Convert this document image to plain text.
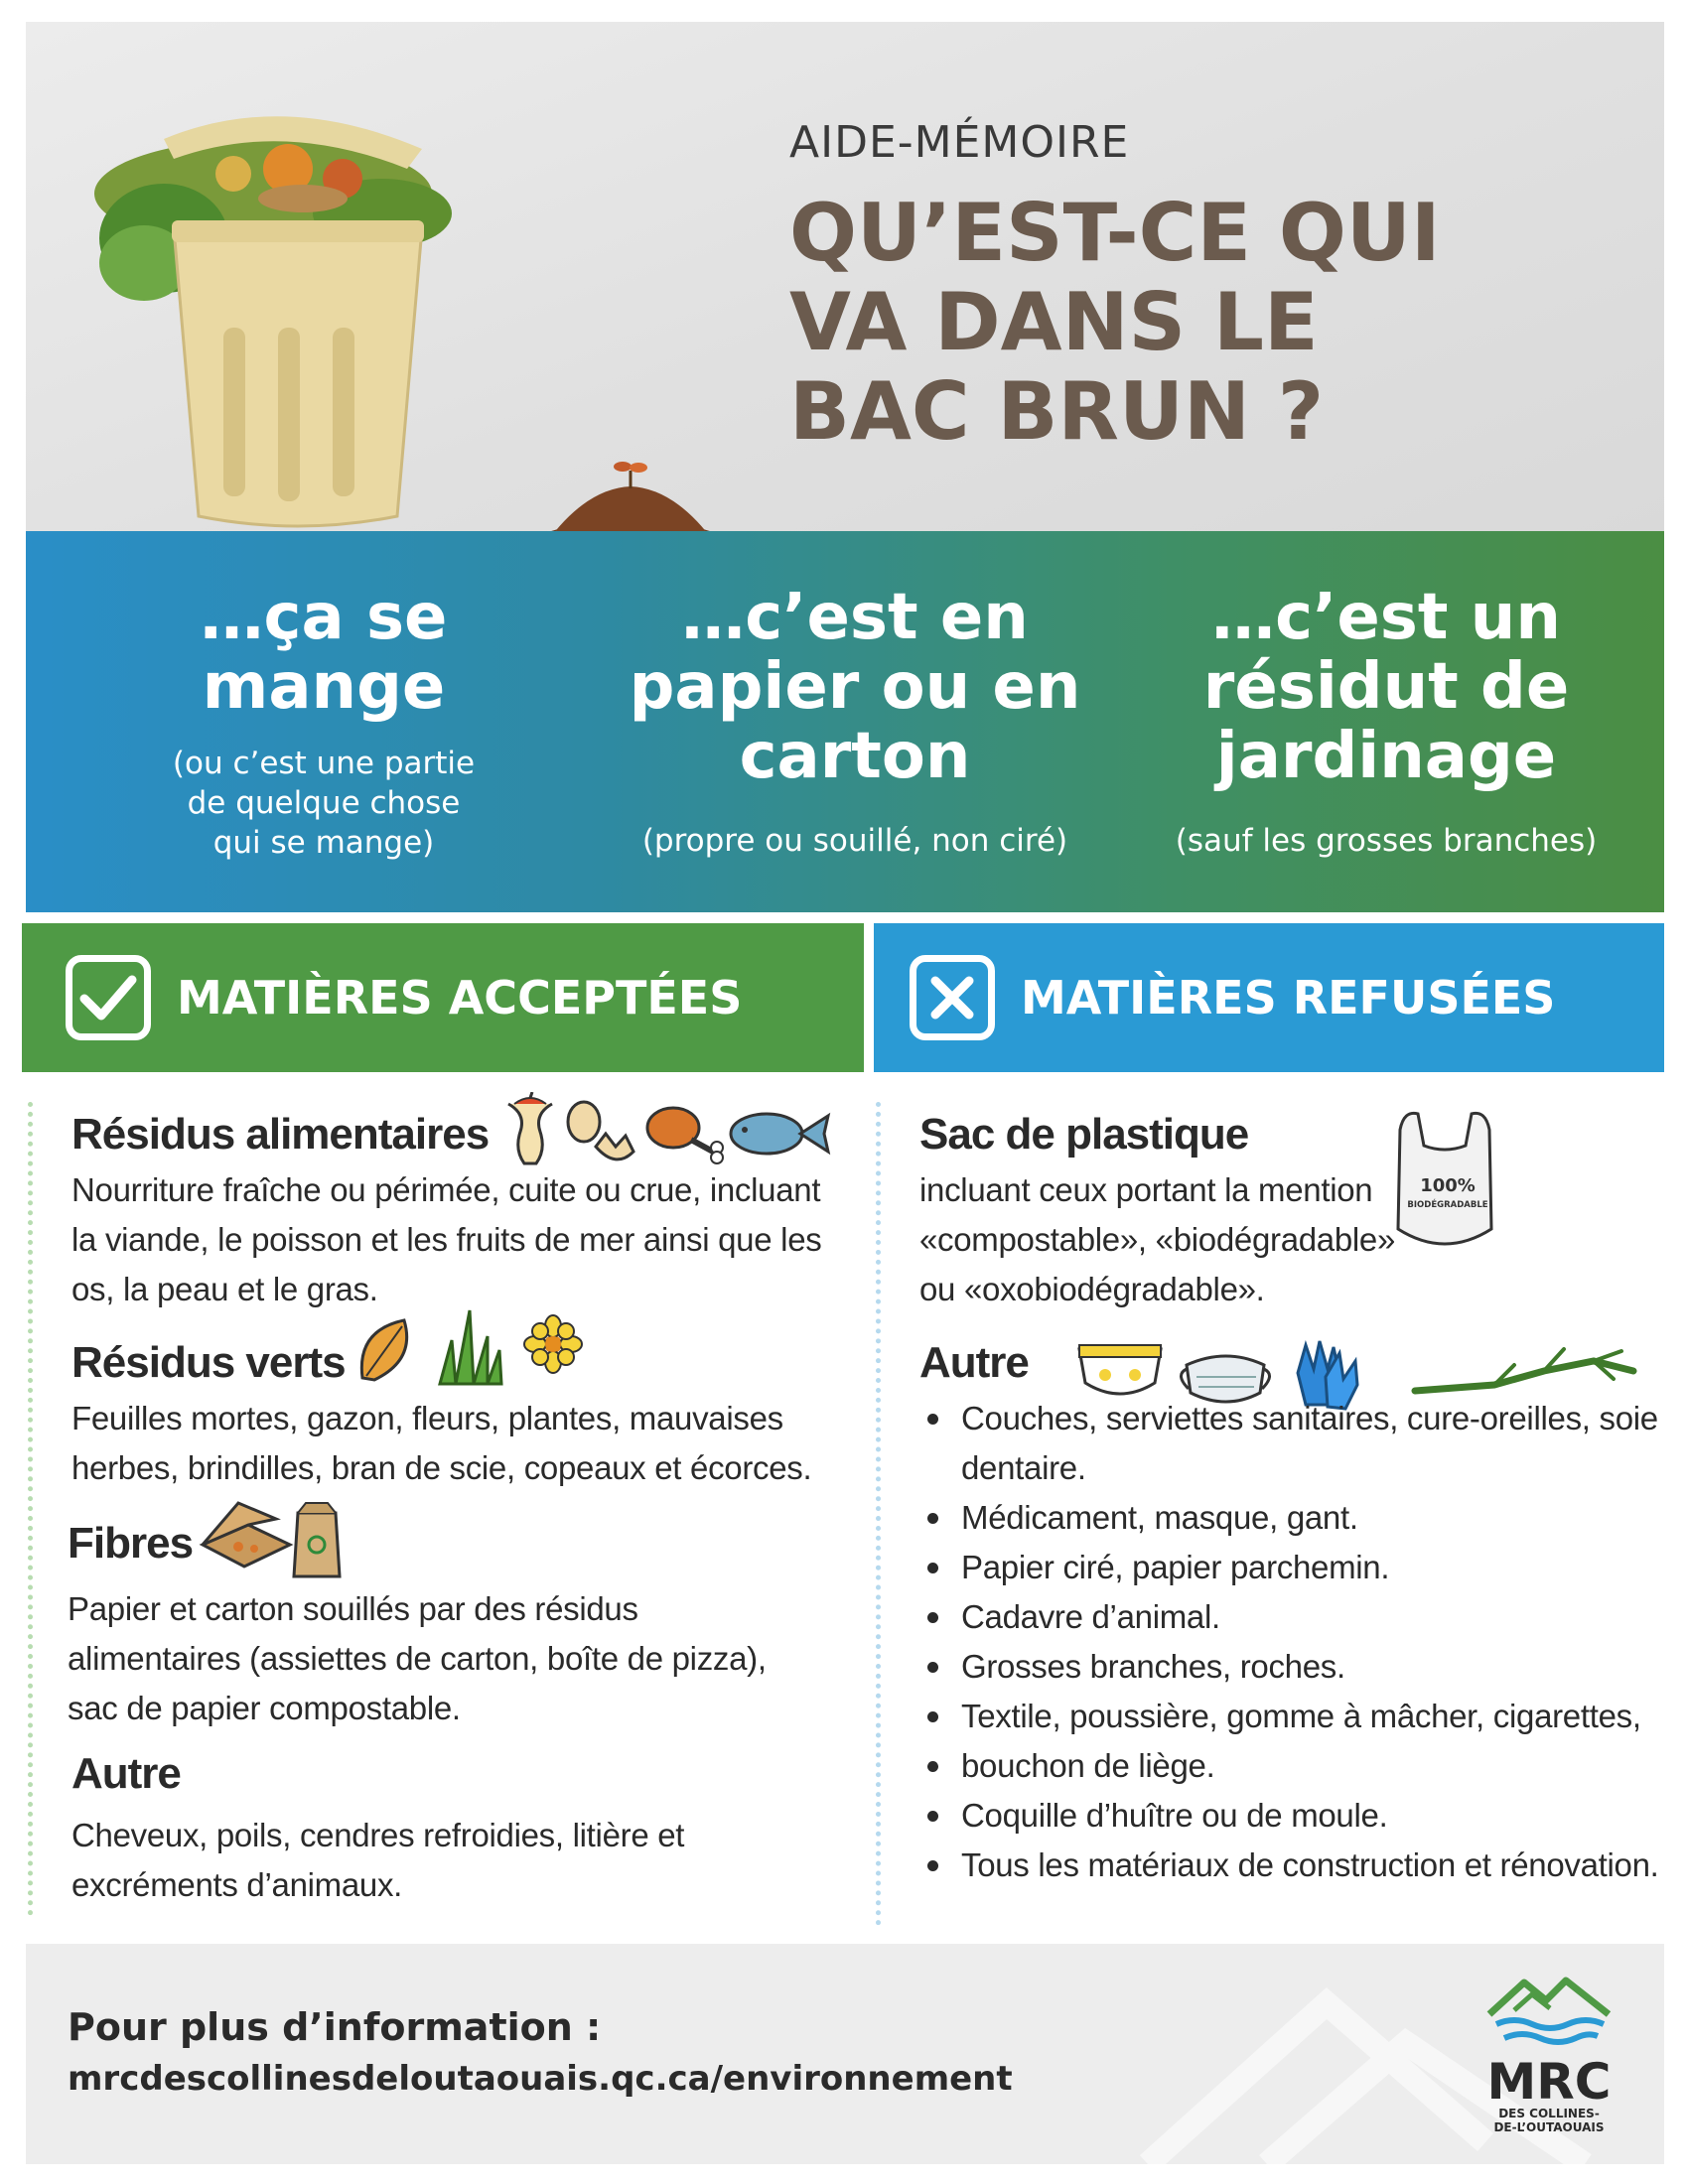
AIDE-MÉMOIRE
QU’EST-CE QUI
VA DANS LE
BAC BRUN ?
…ça se
mange
(ou c’est une partie
de quelque chose
qui se mange)
…c’est en
papier ou en
carton
(propre ou souillé, non ciré)
…c’est un
résidut de
jardinage
(sauf les grosses branches)
MATIÈRES ACCEPTÉES	MATIÈRES REFUSÉES
Résidus alimentaires
Nourriture fraîche ou périmée, cuite ou crue, incluant
la viande, le poisson et les fruits de mer ainsi que les
os, la peau et le gras.
Résidus verts
Feuilles mortes, gazon, fleurs, plantes, mauvaises
herbes, brindilles, bran de scie, copeaux et écorces.
Fibres
Papier et carton souillés par des résidus
alimentaires (assiettes de carton, boîte de pizza),
sac de papier compostable.
Autre
Cheveux, poils, cendres refroidies, litière et
excréments d’animaux.
Sac de plastique
100%
BIODÉGRADABLE
incluant ceux portant la mention
«compostable», «biodégradable»
ou «oxobiodégradable».
Autre
Couches, serviettes sanitaires, cure-oreilles, soie
dentaire.
Médicament, masque, gant.
Papier ciré, papier parchemin.
Cadavre d’animal.
Grosses branches, roches.
Textile, poussière, gomme à mâcher, cigarettes,
bouchon de liège.
Coquille d’huître ou de moule.
Tous les matériaux de construction et rénovation.
Pour plus d’information :
mrcdescollinesdeloutaouais.qc.ca/environnement	MRC
DES COLLINES-
DE-L’OUTAOUAIS
